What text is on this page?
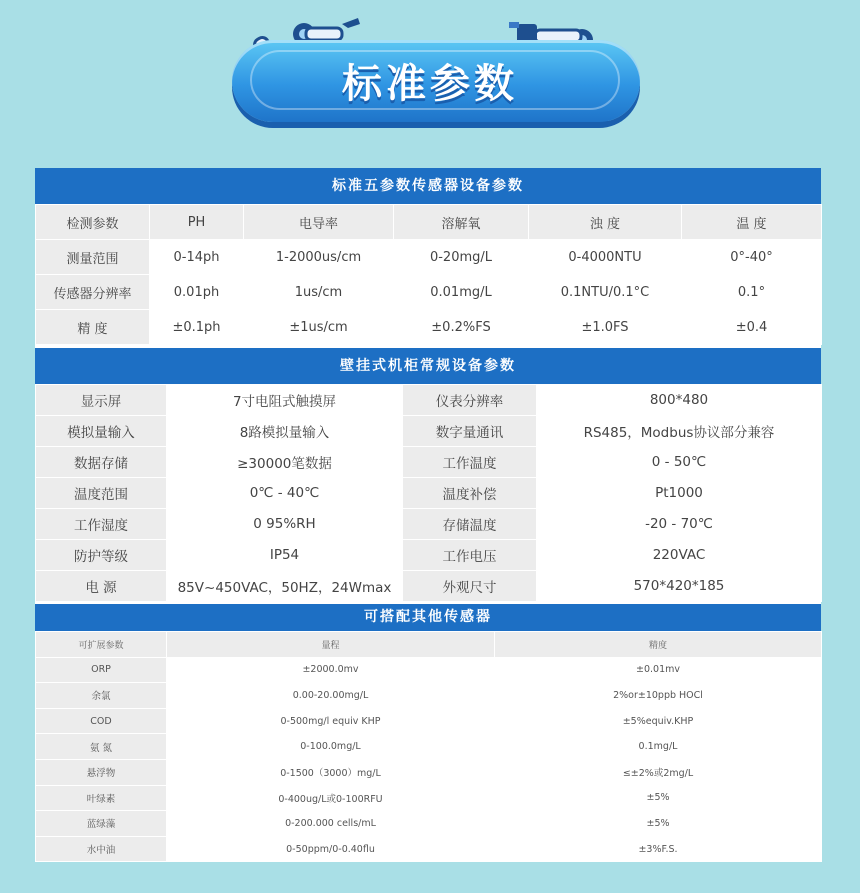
标准参数
标准五参数传感器设备参数
检测参数	PH	电导率	溶解氧	浊 度	温 度
测量范围	0-14ph	1-2000us/cm	0-20mg/L	0-4000NTU	0°-40°
传感器分辨率	0.01ph	1us/cm	0.01mg/L	0.1NTU/0.1°C	0.1°
精 度	±0.1ph	±1us/cm	±0.2%FS	±1.0FS	±0.4
壁挂式机柜常规设备参数
显示屏	7寸电阻式触摸屏	仪表分辨率	800*480
模拟量输入	8路模拟量输入	数字量通讯	RS485，Modbus协议部分兼容
数据存储	≥30000笔数据	工作温度	0 - 50℃
温度范围	0℃ - 40℃	温度补偿	Pt1000
工作湿度	0 95%RH	存储温度	-20 - 70℃
防护等级	IP54	工作电压	220VAC
电 源	85V~450VAC，50HZ，24Wmax	外观尺寸	570*420*185
可搭配其他传感器
可扩展参数	量程	精度
ORP	±2000.0mv	±0.01mv
余氯	0.00-20.00mg/L	2%or±10ppb HOCl
COD	0-500mg/l equiv KHP	±5%equiv.KHP
氨 氮	0-100.0mg/L	0.1mg/L
悬浮物	0-1500（3000）mg/L	≤±2%或2mg/L
叶绿素	0-400ug/L或0-100RFU	±5%
蓝绿藻	0-200.000 cells/mL	±5%
水中油	0-50ppm/0-0.40flu	±3%F.S.
